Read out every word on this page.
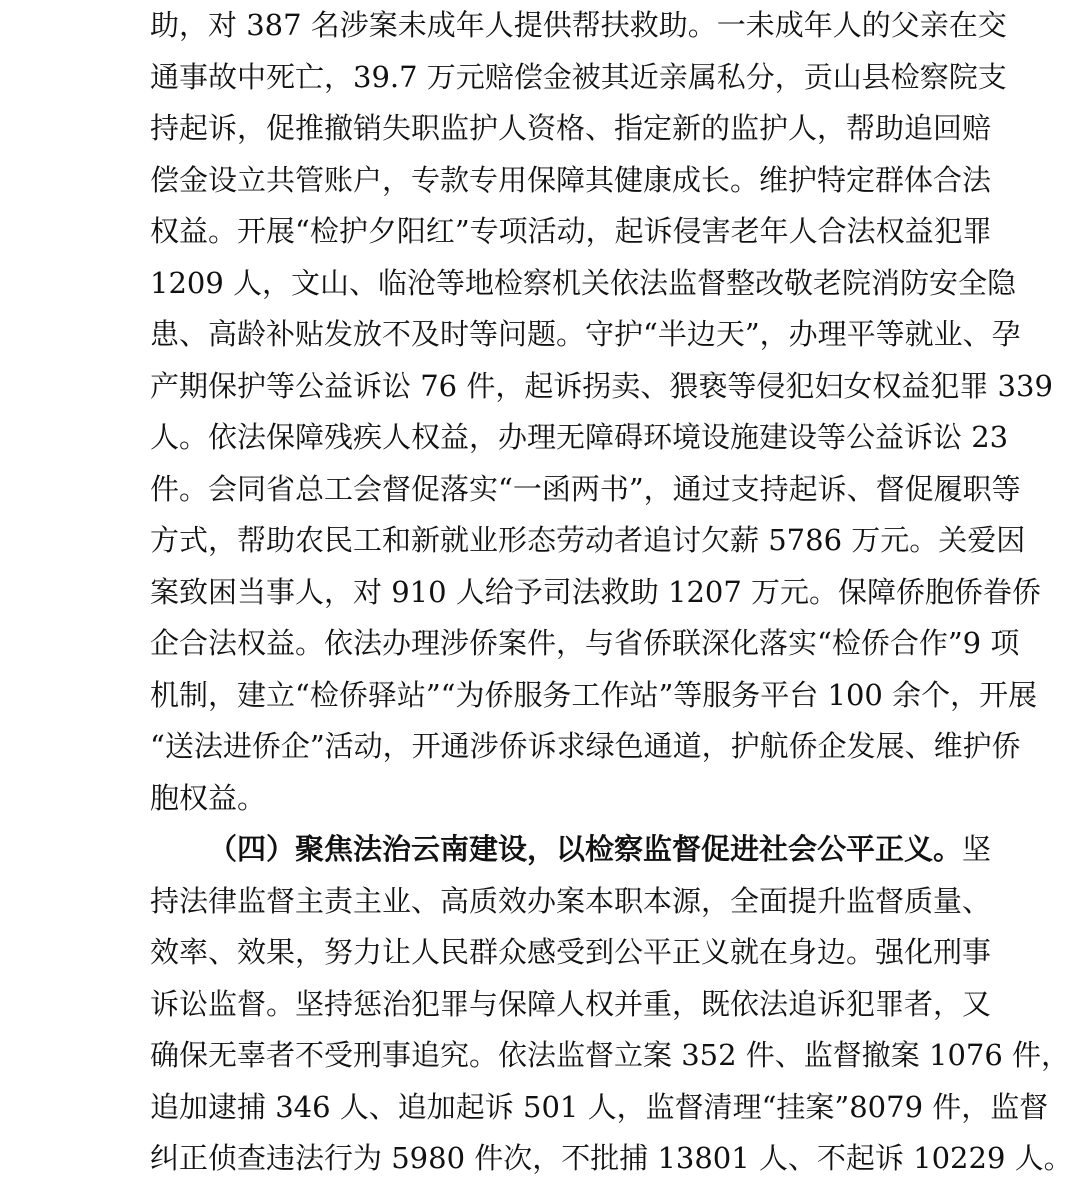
助，对 387 名涉案未成年人提供帮扶救助。一未成年人的父亲在交
通事故中死亡，39.7 万元赔偿金被其近亲属私分，贡山县检察院支
持起诉，促推撤销失职监护人资格、指定新的监护人，帮助追回赔
偿金设立共管账户，专款专用保障其健康成长。维护特定群体合法
权益。开展“检护夕阳红”专项活动，起诉侵害老年人合法权益犯罪
1209 人，文山、临沧等地检察机关依法监督整改敬老院消防安全隐
患、高龄补贴发放不及时等问题。守护“半边天”，办理平等就业、孕
产期保护等公益诉讼 76 件，起诉拐卖、猥亵等侵犯妇女权益犯罪 339
人。依法保障残疾人权益，办理无障碍环境设施建设等公益诉讼 23
件。会同省总工会督促落实“一函两书”，通过支持起诉、督促履职等
方式，帮助农民工和新就业形态劳动者追讨欠薪 5786 万元。关爱因
案致困当事人，对 910 人给予司法救助 1207 万元。保障侨胞侨眷侨
企合法权益。依法办理涉侨案件，与省侨联深化落实“检侨合作”9 项
机制，建立“检侨驿站”“为侨服务工作站”等服务平台 100 余个，开展
“送法进侨企”活动，开通涉侨诉求绿色通道，护航侨企发展、维护侨
胞权益。
（四）聚焦法治云南建设，以检察监督促进社会公平正义。坚
持法律监督主责主业、高质效办案本职本源，全面提升监督质量、
效率、效果，努力让人民群众感受到公平正义就在身边。强化刑事
诉讼监督。坚持惩治犯罪与保障人权并重，既依法追诉犯罪者，又
确保无辜者不受刑事追究。依法监督立案 352 件、监督撤案 1076 件，
追加逮捕 346 人、追加起诉 501 人，监督清理“挂案”8079 件，监督
纠正侦查违法行为 5980 件次，不批捕 13801 人、不起诉 10229 人。
